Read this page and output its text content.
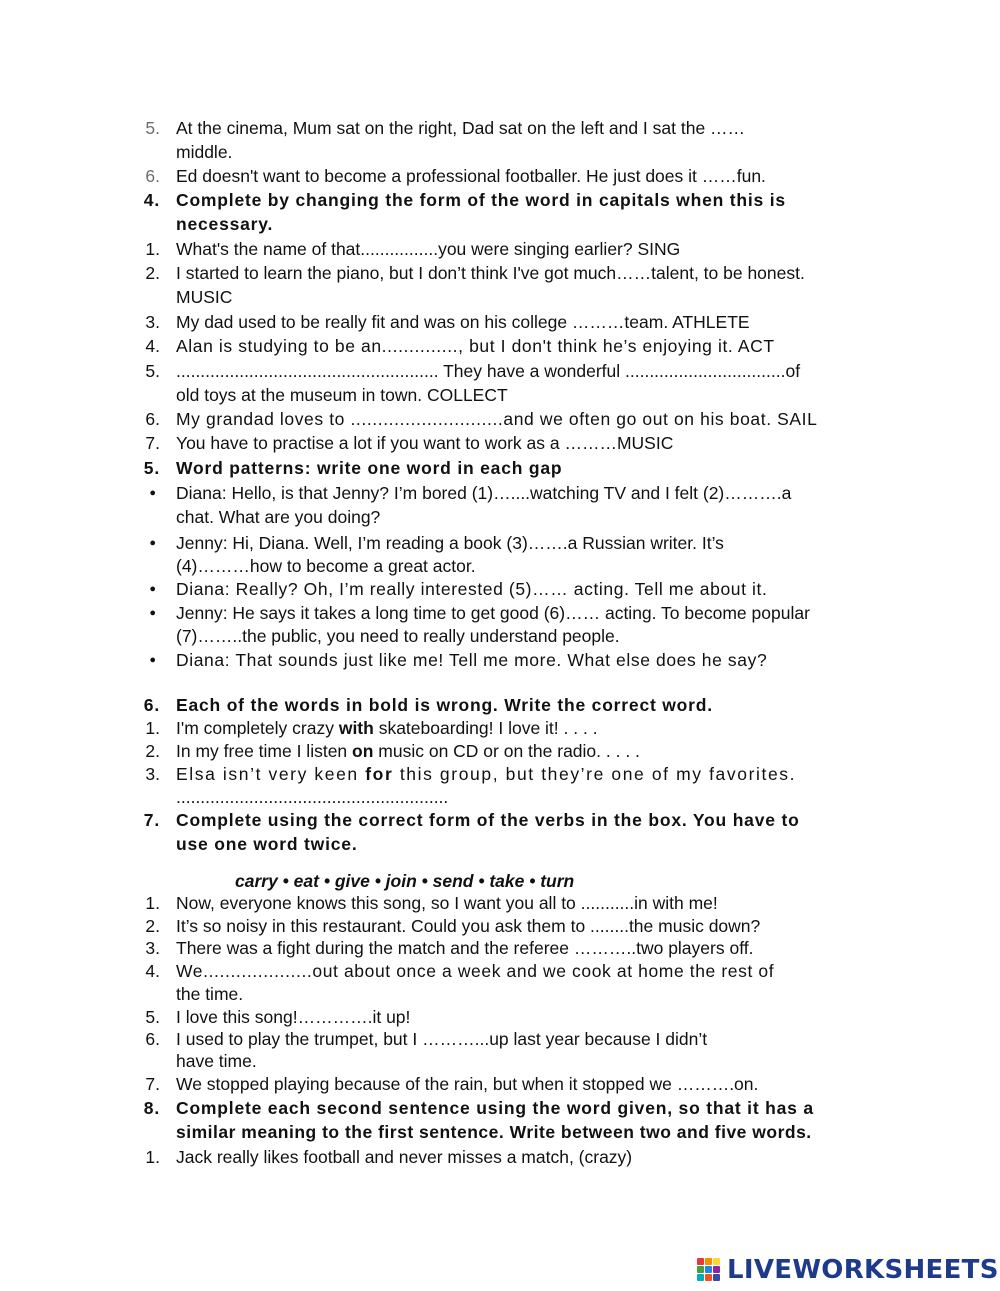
5. At the cinema, Mum sat on the right, Dad sat on the left and I sat the ……
middle.
6. Ed doesn't want to become a professional footballer. He just does it ……fun.
4. Complete by changing the form of the word in capitals when this is
necessary.
1. What's the name of that................you were singing earlier? SING
2. I started to learn the piano, but I don’t think I've got much……talent, to be honest.
MUSIC
3. My dad used to be really fit and was on his college ………team. ATHLETE
4. Alan is studying to be an.............., but I don't think he’s enjoying it. ACT
5. ...................................................... They have a wonderful .................................of
old toys at the museum in town. COLLECT
6. My grandad loves to ............................and we often go out on his boat. SAIL
7. You have to practise a lot if you want to work as a ………MUSIC
5. Word patterns: write one word in each gap
● Diana: Hello, is that Jenny? I’m bored (1)…....watching TV and I felt (2)……….a
chat. What are you doing?
● Jenny: Hi, Diana. Well, I’m reading a book (3)…….a Russian writer. It’s
(4)………how to become a great actor.
● Diana: Really? Oh, I’m really interested (5)…… acting. Tell me about it.
● Jenny: He says it takes a long time to get good (6)…… acting. To become popular
(7)……..the public, you need to really understand people.
● Diana: That sounds just like me! Tell me more. What else does he say?
6. Each of the words in bold is wrong. Write the correct word.
1. I'm completely crazy with skateboarding! I love it! . . . .
2. In my free time I listen on music on CD or on the radio. . . . .
3. Elsa isn’t very keen for this group, but they’re one of my favorites.
........................................................
7. Complete using the correct form of the verbs in the box. You have to
use one word twice.
carry • eat • give • join • send • take • turn
1. Now, everyone knows this song, so I want you all to ...........in with me!
2. It’s so noisy in this restaurant. Could you ask them to ........the music down?
3. There was a fight during the match and the referee ………..two players off.
4. We....................out about once a week and we cook at home the rest of
the time.
5. I love this song!………….it up!
6. I used to play the trumpet, but I ………...up last year because I didn’t
have time.
7. We stopped playing because of the rain, but when it stopped we ……….on.
8. Complete each second sentence using the word given, so that it has a
similar meaning to the first sentence. Write between two and five words.
1. Jack really likes football and never misses a match, (crazy)
LIVEWORKSHEETS
